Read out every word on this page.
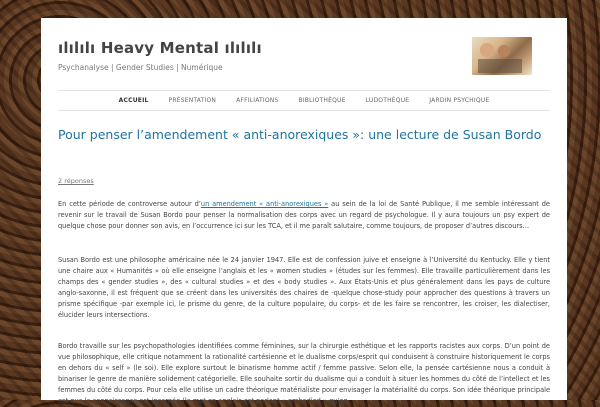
ılılılı Heavy Mental ılılılı
Psychanalyse | Gender Studies | Numérique
ACCUEIL	PRÉSENTATION	AFFILIATIONS	BIBLIOTHÈQUE	LUDOTHÈQUE	JARDIN PSYCHIQUE
Pour penser l’amendement « anti-anorexiques »: une lecture de Susan Bordo
2 réponses
En cette période de controverse autour d’un amendement « anti-anorexiques » au sein de la loi de Santé Publique, il me semble intéressant de revenir sur le travail de Susan Bordo pour penser la normalisation des corps avec un regard de psychologue. Il y aura toujours un psy expert de quelque chose pour donner son avis, en l’occurrence ici sur les TCA, et il me paraît salutaire, comme toujours, de proposer d’autres discours…
Susan Bordo est une philosophe américaine née le 24 janvier 1947. Elle est de confession juive et enseigne à l’Université du Kentucky. Elle y tient une chaire aux « Humanités » où elle enseigne l’anglais et les « women studies » (études sur les femmes). Elle travaille particulièrement dans les champs des « gender studies », des « cultural studies » et des « body studies ». Aux États-Unis et plus généralement dans les pays de culture anglo-saxonne, il est fréquent que se créent dans les universités des chaires de -quelque chose-study pour approcher des questions à travers un prisme spécifique -par exemple ici, le prisme du genre, de la culture populaire, du corps- et de les faire se rencontrer, les croiser, les dialectiser, élucider leurs intersections.
Bordo travaille sur les psychopathologies identifiées comme féminines, sur la chirurgie esthétique et les rapports racistes aux corps. D’un point de vue philosophique, elle critique notamment la rationalité cartésienne et le dualisme corps/esprit qui conduisent à construire historiquement le corps en dehors du « self » (le soi). Elle explore surtout le binarisme homme actif / femme passive. Selon elle, la pensée cartésienne nous a conduit à binariser le genre de manière solidement catégorielle. Elle souhaite sortir du dualisme qui a conduit à situer les hommes du côté de l’intellect et les femmes du côté du corps. Pour cela elle utilise un cadre théorique matérialiste pour envisager la matérialité du corps. Son idée théorique principale est que la connaissance est incarnée (le mot en anglais est parlant « embodied » qu’on
